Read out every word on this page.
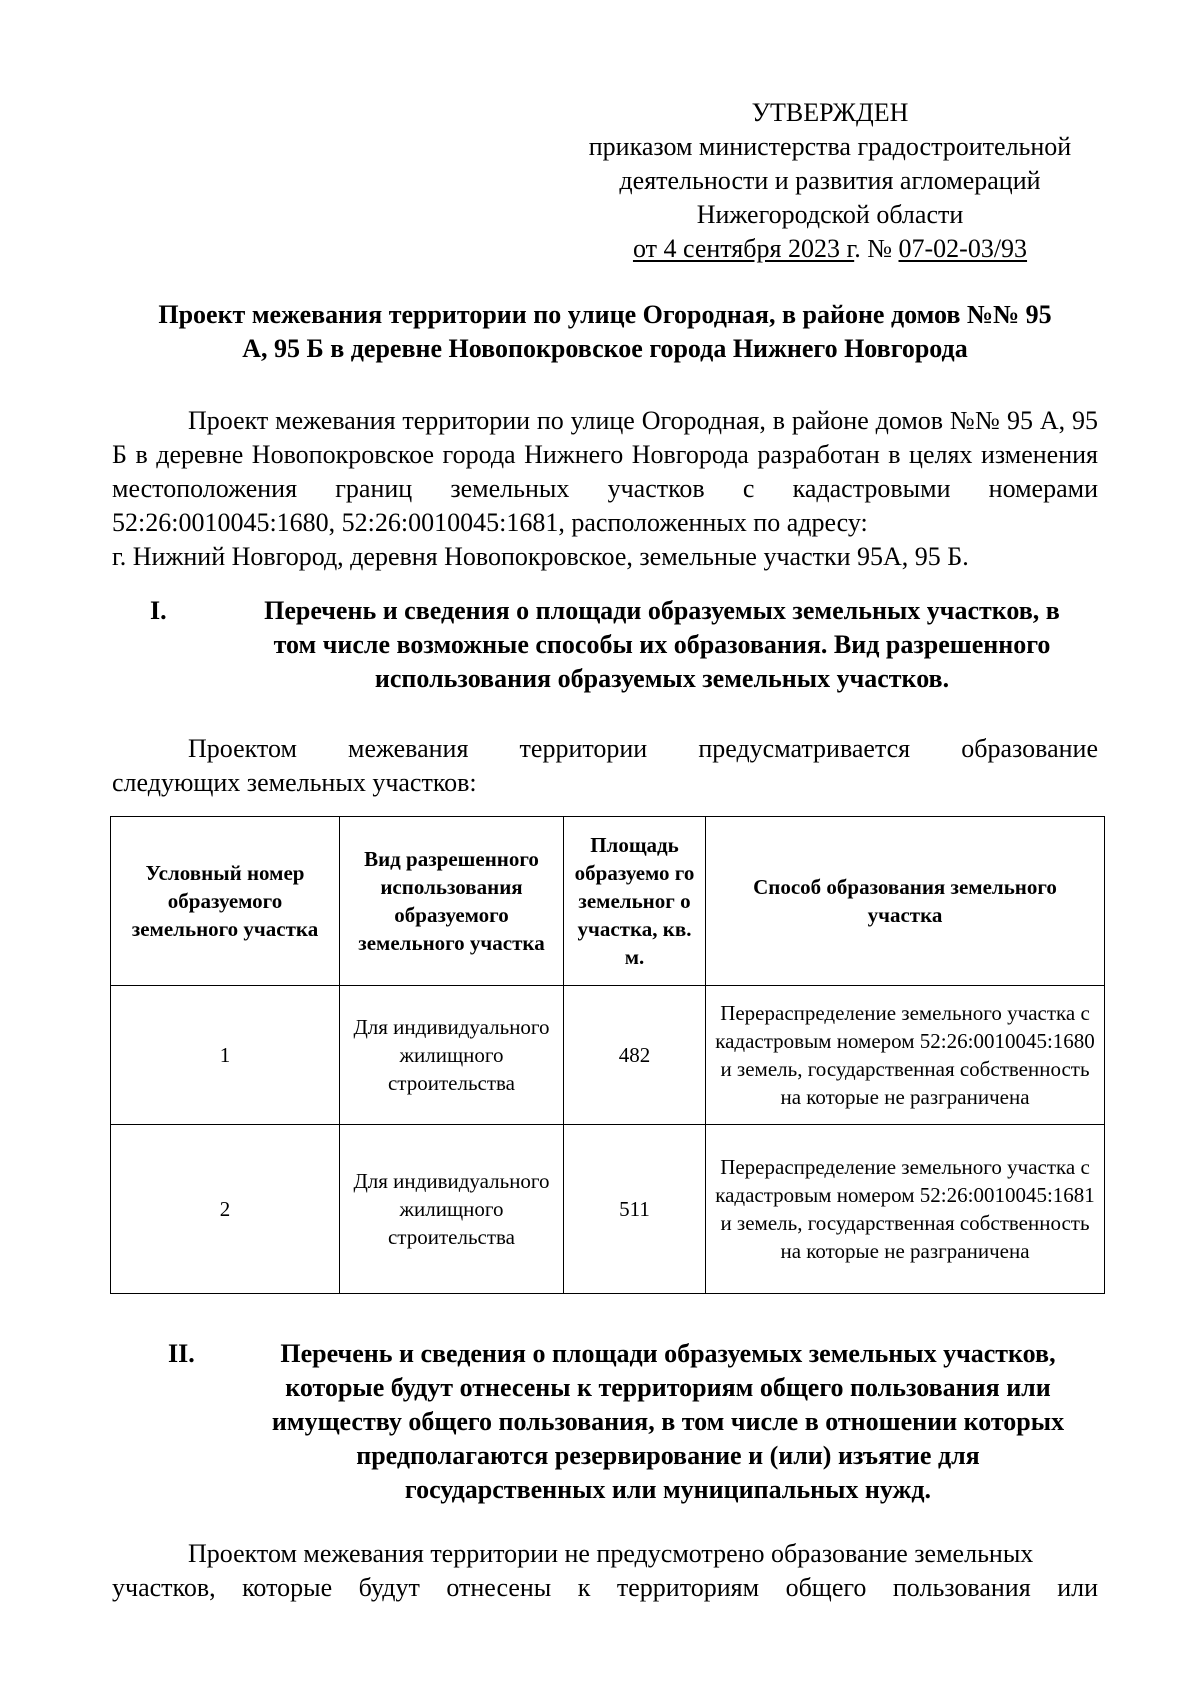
УТВЕРЖДЕН
приказом министерства градостроительной
деятельности и развития агломераций
Нижегородской области
от 4 сентября 2023 г. № 07-02-03/93
Проект межевания территории по улице Огородная, в районе домов №№ 95
А, 95 Б в деревне Новопокровское города Нижнего Новгорода
Проект межевания территории по улице Огородная, в районе домов №№ 95 А, 95 Б в деревне Новопокровское города Нижнего Новгорода разработан в целях изменения местоположения границ земельных участков с кадастровыми номерами 52:26:0010045:1680, 52:26:0010045:1681, расположенных по адресу:
г. Нижний Новгород, деревня Новопокровское, земельные участки 95А, 95 Б.
I.	Перечень и сведения о площади образуемых земельных участков, в
том числе возможные способы их образования. Вид разрешенного
использования образуемых земельных участков.
Проектом межевания территории предусматривается образование
следующих земельных участков:
Условный номер образуемого земельного участка	Вид разрешенного использования образуемого земельного участка	Площадь образуемо го земельног о участка, кв. м.	Способ образования земельного участка
1	Для индивидуального жилищного строительства	482	Перераспределение земельного участка с кадастровым номером 52:26:0010045:1680 и земель, государственная собственность на которые не разграничена
2	Для индивидуального жилищного строительства	511	Перераспределение земельного участка с кадастровым номером 52:26:0010045:1681 и земель, государственная собственность на которые не разграничена
II.	Перечень и сведения о площади образуемых земельных участков,
которые будут отнесены к территориям общего пользования или
имуществу общего пользования, в том числе в отношении которых
предполагаются резервирование и (или) изъятие для
государственных или муниципальных нужд.
Проектом межевания территории не предусмотрено образование земельных
участков, которые будут отнесены к территориям общего пользования или
